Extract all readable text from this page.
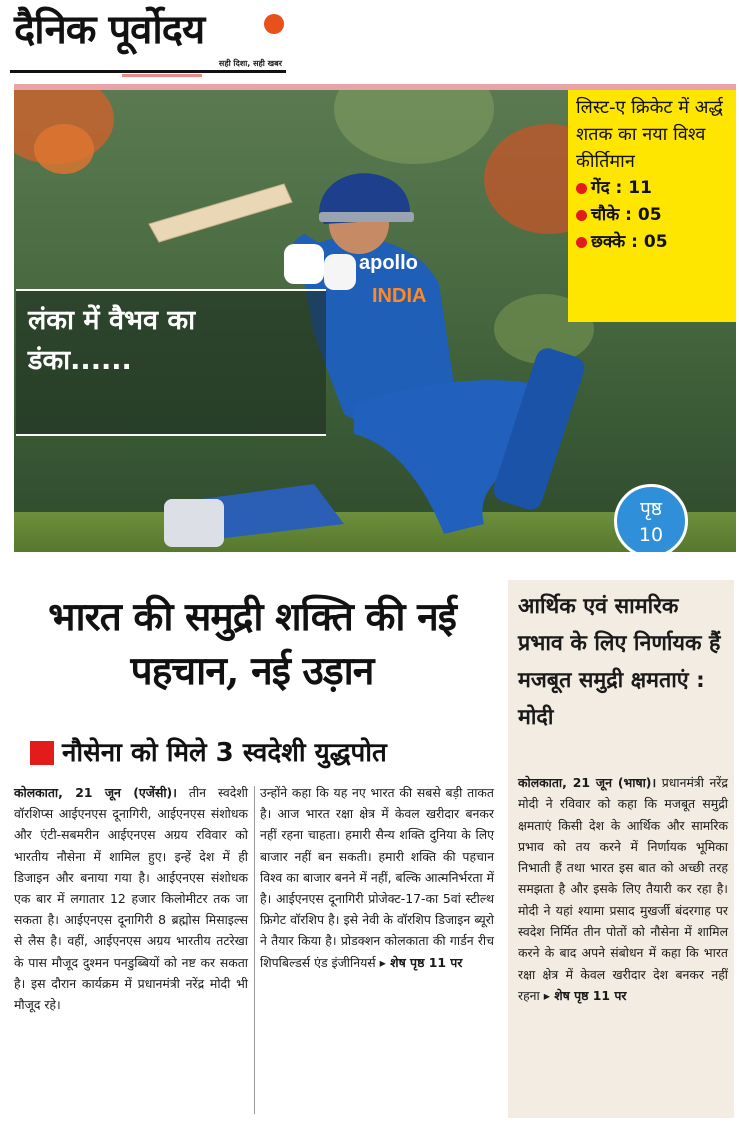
दैनिक पूर्वोदय
सही दिशा, सही खबर
apollo
INDIA
लंका में वैभव का डंका......
लिस्ट-ए क्रिकेट में अर्द्ध शतक का नया विश्व कीर्तिमान
गेंद : 11
चौके : 05
छक्के : 05
पृष्ठ
10
भारत की समुद्री शक्ति की नई पहचान, नई उड़ान
नौसेना को मिले 3 स्वदेशी युद्धपोत
कोलकाता, 21 जून (एजेंसी)। तीन स्वदेशी वॉरशिप्स आईएनएस दूनागिरी, आईएनएस संशोधक और एंटी-सबमरीन आईएनएस अग्रय रविवार को भारतीय नौसेना में शामिल हुए। इन्हें देश में ही डिजाइन और बनाया गया है। आईएनएस संशोधक एक बार में लगातार 12 हजार किलोमीटर तक जा सकता है। आईएनएस दूनागिरी 8 ब्रह्मोस मिसाइल्स से लैस है। वहीं, आईएनएस अग्रय भारतीय तटरेखा के पास मौजूद दुश्मन पनडुब्बियों को नष्ट कर सकता है। इस दौरान कार्यक्रम में प्रधानमंत्री नरेंद्र मोदी भी मौजूद रहे।
उन्होंने कहा कि यह नए भारत की सबसे बड़ी ताकत है। आज भारत रक्षा क्षेत्र में केवल खरीदार बनकर नहीं रहना चाहता। हमारी सैन्य शक्ति दुनिया के लिए बाजार नहीं बन सकती। हमारी शक्ति की पहचान विश्व का बाजार बनने में नहीं, बल्कि आत्मनिर्भरता में है। आईएनएस दूनागिरी प्रोजेक्ट-17-का 5वां स्टील्थ फ्रिगेट वॉरशिप है। इसे नेवी के वॉरशिप डिजाइन ब्यूरो ने तैयार किया है। प्रोडक्शन कोलकाता की गार्डन रीच शिपबिल्डर्स एंड इंजीनियर्स ▸ शेष पृष्ठ 11 पर
आर्थिक एवं सामरिक प्रभाव के लिए निर्णायक हैं मजबूत समुद्री क्षमताएं : मोदी
कोलकाता, 21 जून (भाषा)। प्रधानमंत्री नरेंद्र मोदी ने रविवार को कहा कि मजबूत समुद्री क्षमताएं किसी देश के आर्थिक और सामरिक प्रभाव को तय करने में निर्णायक भूमिका निभाती हैं तथा भारत इस बात को अच्छी तरह समझता है और इसके लिए तैयारी कर रहा है। मोदी ने यहां श्यामा प्रसाद मुखर्जी बंदरगाह पर स्वदेश निर्मित तीन पोतों को नौसेना में शामिल करने के बाद अपने संबोधन में कहा कि भारत रक्षा क्षेत्र में केवल खरीदार देश बनकर नहीं रहना ▸ शेष पृष्ठ 11 पर
